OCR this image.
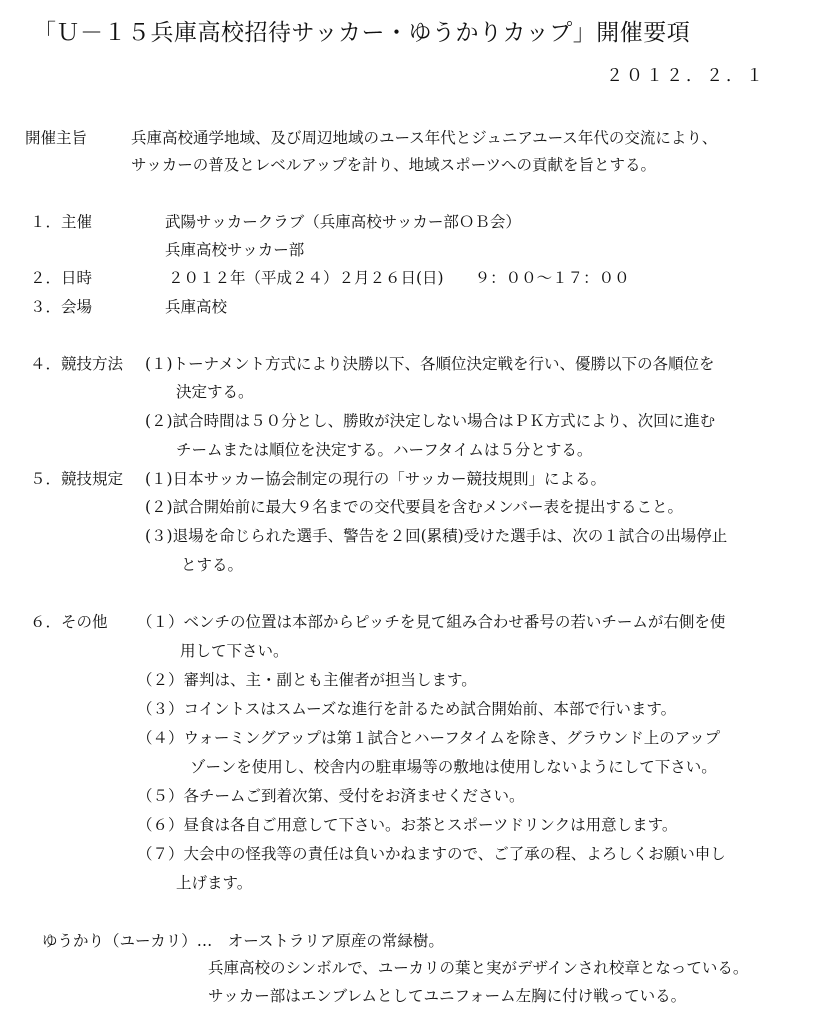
「Ｕ－１５兵庫高校招待サッカー・ゆうかりカップ」開催要項
２０１２．２．１
開催主旨	兵庫高校通学地域、及び周辺地域のユース年代とジュニアユース年代の交流により、
サッカーの普及とレベルアップを計り、地域スポーツへの貢献を旨とする。
１．主催	武陽サッカークラブ（兵庫高校サッカー部ＯＢ会）
兵庫高校サッカー部
２．日時	２０１２年（平成２４）２月２６日(日)　　９：００～１７：００
３．会場	兵庫高校
４．競技方法 (１)トーナメント方式により決勝以下、各順位決定戦を行い、優勝以下の各順位を
決定する。
(２)試合時間は５０分とし、勝敗が決定しない場合はＰＫ方式により、次回に進む
チームまたは順位を決定する。ハーフタイムは５分とする。
５．競技規定 (１)日本サッカー協会制定の現行の「サッカー競技規則」による。
(２)試合開始前に最大９名までの交代要員を含むメンバー表を提出すること。
(３)退場を命じられた選手、警告を２回(累積)受けた選手は、次の１試合の出場停止
とする。
６．その他 （１）ベンチの位置は本部からピッチを見て組み合わせ番号の若いチームが右側を使
用して下さい。
（２）審判は、主・副とも主催者が担当します。
（３）コイントスはスムーズな進行を計るため試合開始前、本部で行います。
（４）ウォーミングアップは第１試合とハーフタイムを除き、グラウンド上のアップ
ゾーンを使用し、校舎内の駐車場等の敷地は使用しないようにして下さい。
（５）各チームご到着次第、受付をお済ませください。
（６）昼食は各自ご用意して下さい。お茶とスポーツドリンクは用意します。
（７）大会中の怪我等の責任は負いかねますので、ご了承の程、よろしくお願い申し
上げます。
ゆうかり（ユーカリ）…　オーストラリア原産の常緑樹。
兵庫高校のシンボルで、ユーカリの葉と実がデザインされ校章となっている。
サッカー部はエンブレムとしてユニフォーム左胸に付け戦っている。
